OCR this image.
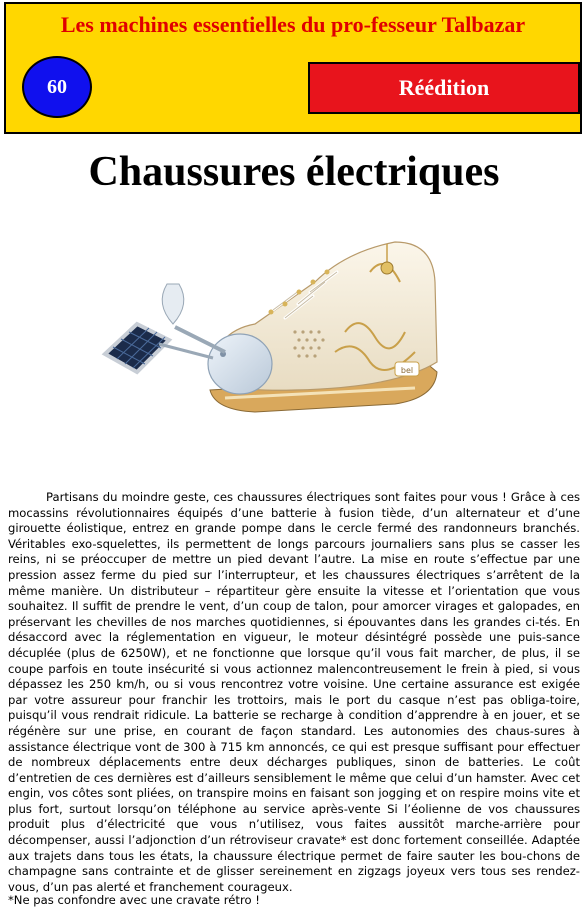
Les machines essentielles du pro-fesseur Talbazar
60	Réédition
Chaussures électriques
bel

Partisans du moindre geste, ces chaussures électriques sont faites pour vous ! Grâce à ces mocassins révolutionnaires équipés d’une batterie à fusion tiède, d’un alternateur et d’une girouette éolistique, entrez en grande pompe dans le cercle fermé des randonneurs branchés. Véritables exo-squelettes, ils permettent de longs parcours journaliers sans plus se casser les reins, ni se préoccuper de mettre un pied devant l’autre. La mise en route s’effectue par une pression assez ferme du pied sur l’interrupteur, et les chaussures électriques s’arrêtent de la même manière. Un distributeur – répartiteur gère ensuite la vitesse et l’orientation que vous souhaitez. Il suffit de prendre le vent, d’un coup de talon, pour amorcer virages et galopades, en préservant les chevilles de nos marches quotidiennes, si épouvantes dans les grandes ci-tés. En désaccord avec la réglementation en vigueur, le moteur désintégré possède une puis-sance décuplée (plus de 6250W), et ne fonctionne que lorsque qu’il vous fait marcher, de plus, il se coupe parfois en toute insécurité si vous actionnez malencontreusement le frein à pied, si vous dépassez les 250 km/h, ou si vous rencontrez votre voisine. Une certaine assurance est exigée par votre assureur pour franchir les trottoirs, mais le port du casque n’est pas obliga-toire, puisqu’il vous rendrait ridicule. La batterie se recharge à condition d’apprendre à en jouer, et se régénère sur une prise, en courant de façon standard. Les autonomies des chaus-sures à assistance électrique vont de 300 à 715 km annoncés, ce qui est presque suffisant pour effectuer de nombreux déplacements entre deux décharges publiques, sinon de batteries. Le coût d’entretien de ces dernières est d’ailleurs sensiblement le même que celui d’un hamster. Avec cet engin, vos côtes sont pliées, on transpire moins en faisant son jogging et on respire moins vite et plus fort, surtout lorsqu’on téléphone au service après-vente Si l’éolienne de vos chaussures produit plus d’électricité que vous n’utilisez, vous faites aussitôt marche-arrière pour décompenser, aussi l’adjonction d’un rétroviseur cravate* est donc fortement conseillée. Adaptée aux trajets dans tous les états, la chaussure électrique permet de faire sauter les bou-chons de champagne sans contrainte et de glisser sereinement en zigzags joyeux vers tous ses rendez-vous, d’un pas alerté et franchement courageux.

*Ne pas confondre avec une cravate rétro !
